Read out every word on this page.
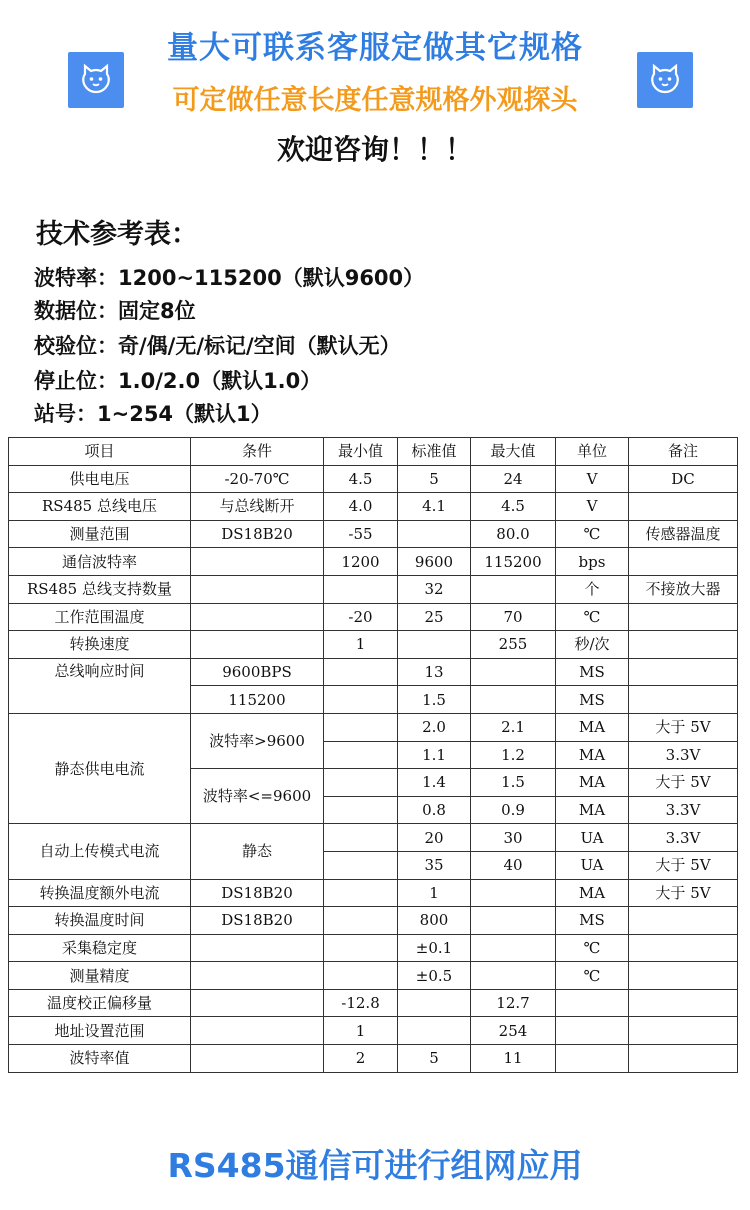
量大可联系客服定做其它规格
可定做任意长度任意规格外观探头
欢迎咨询！！！
技术参考表：
波特率：1200~115200（默认9600）
数据位：固定8位
校验位：奇/偶/无/标记/空间（默认无）
停止位：1.0/2.0（默认1.0）
站号：1~254（默认1）
项目	条件	最小值	标准值	最大值	单位	备注
供电电压	-20-70℃	4.5	5	24	V	DC
RS485 总线电压	与总线断开	4.0	4.1	4.5	V	
测量范围	DS18B20	-55		80.0	℃	传感器温度
通信波特率		1200	9600	115200	bps	
RS485 总线支持数量			32		个	不接放大器
工作范围温度		-20	25	70	℃	
转换速度		1		255	秒/次	
总线响应时间	9600BPS		13		MS	
	115200		1.5		MS	
静态供电电流	波特率>9600		2.0	2.1	MA	大于 5V
			1.1	1.2	MA	3.3V
	波特率<=9600		1.4	1.5	MA	大于 5V
			0.8	0.9	MA	3.3V
自动上传模式电流	静态		20	30	UA	3.3V
			35	40	UA	大于 5V
转换温度额外电流	DS18B20		1		MA	大于 5V
转换温度时间	DS18B20		800		MS	
采集稳定度			±0.1		℃	
测量精度			±0.5		℃	
温度校正偏移量		-12.8		12.7		
地址设置范围		1		254		
波特率值		2	5	11		
RS485通信可进行组网应用
